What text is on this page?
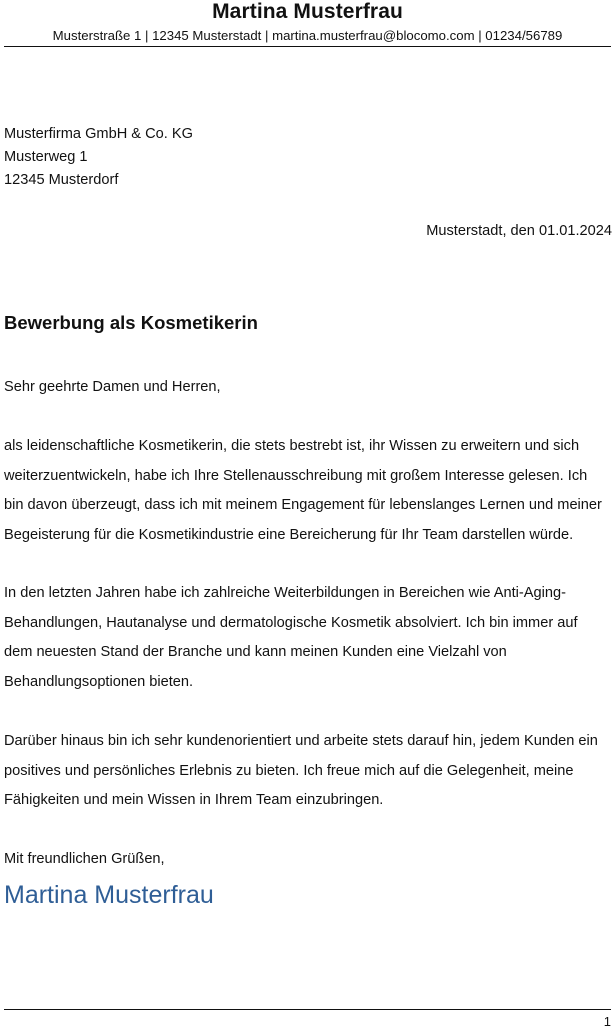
Martina Musterfrau
Musterstraße 1 | 12345 Musterstadt | martina.musterfrau@blocomo.com | 01234/56789
Musterfirma GmbH & Co. KG
Musterweg 1
12345 Musterdorf
Musterstadt, den 01.01.2024
Bewerbung als Kosmetikerin
Sehr geehrte Damen und Herren,
als leidenschaftliche Kosmetikerin, die stets bestrebt ist, ihr Wissen zu erweitern und sich
weiterzuentwickeln, habe ich Ihre Stellenausschreibung mit großem Interesse gelesen. Ich
bin davon überzeugt, dass ich mit meinem Engagement für lebenslanges Lernen und meiner
Begeisterung für die Kosmetikindustrie eine Bereicherung für Ihr Team darstellen würde.
In den letzten Jahren habe ich zahlreiche Weiterbildungen in Bereichen wie Anti-Aging-
Behandlungen, Hautanalyse und dermatologische Kosmetik absolviert. Ich bin immer auf
dem neuesten Stand der Branche und kann meinen Kunden eine Vielzahl von
Behandlungsoptionen bieten.
Darüber hinaus bin ich sehr kundenorientiert und arbeite stets darauf hin, jedem Kunden ein
positives und persönliches Erlebnis zu bieten. Ich freue mich auf die Gelegenheit, meine
Fähigkeiten und mein Wissen in Ihrem Team einzubringen.
Mit freundlichen Grüßen,
Martina Musterfrau
1
